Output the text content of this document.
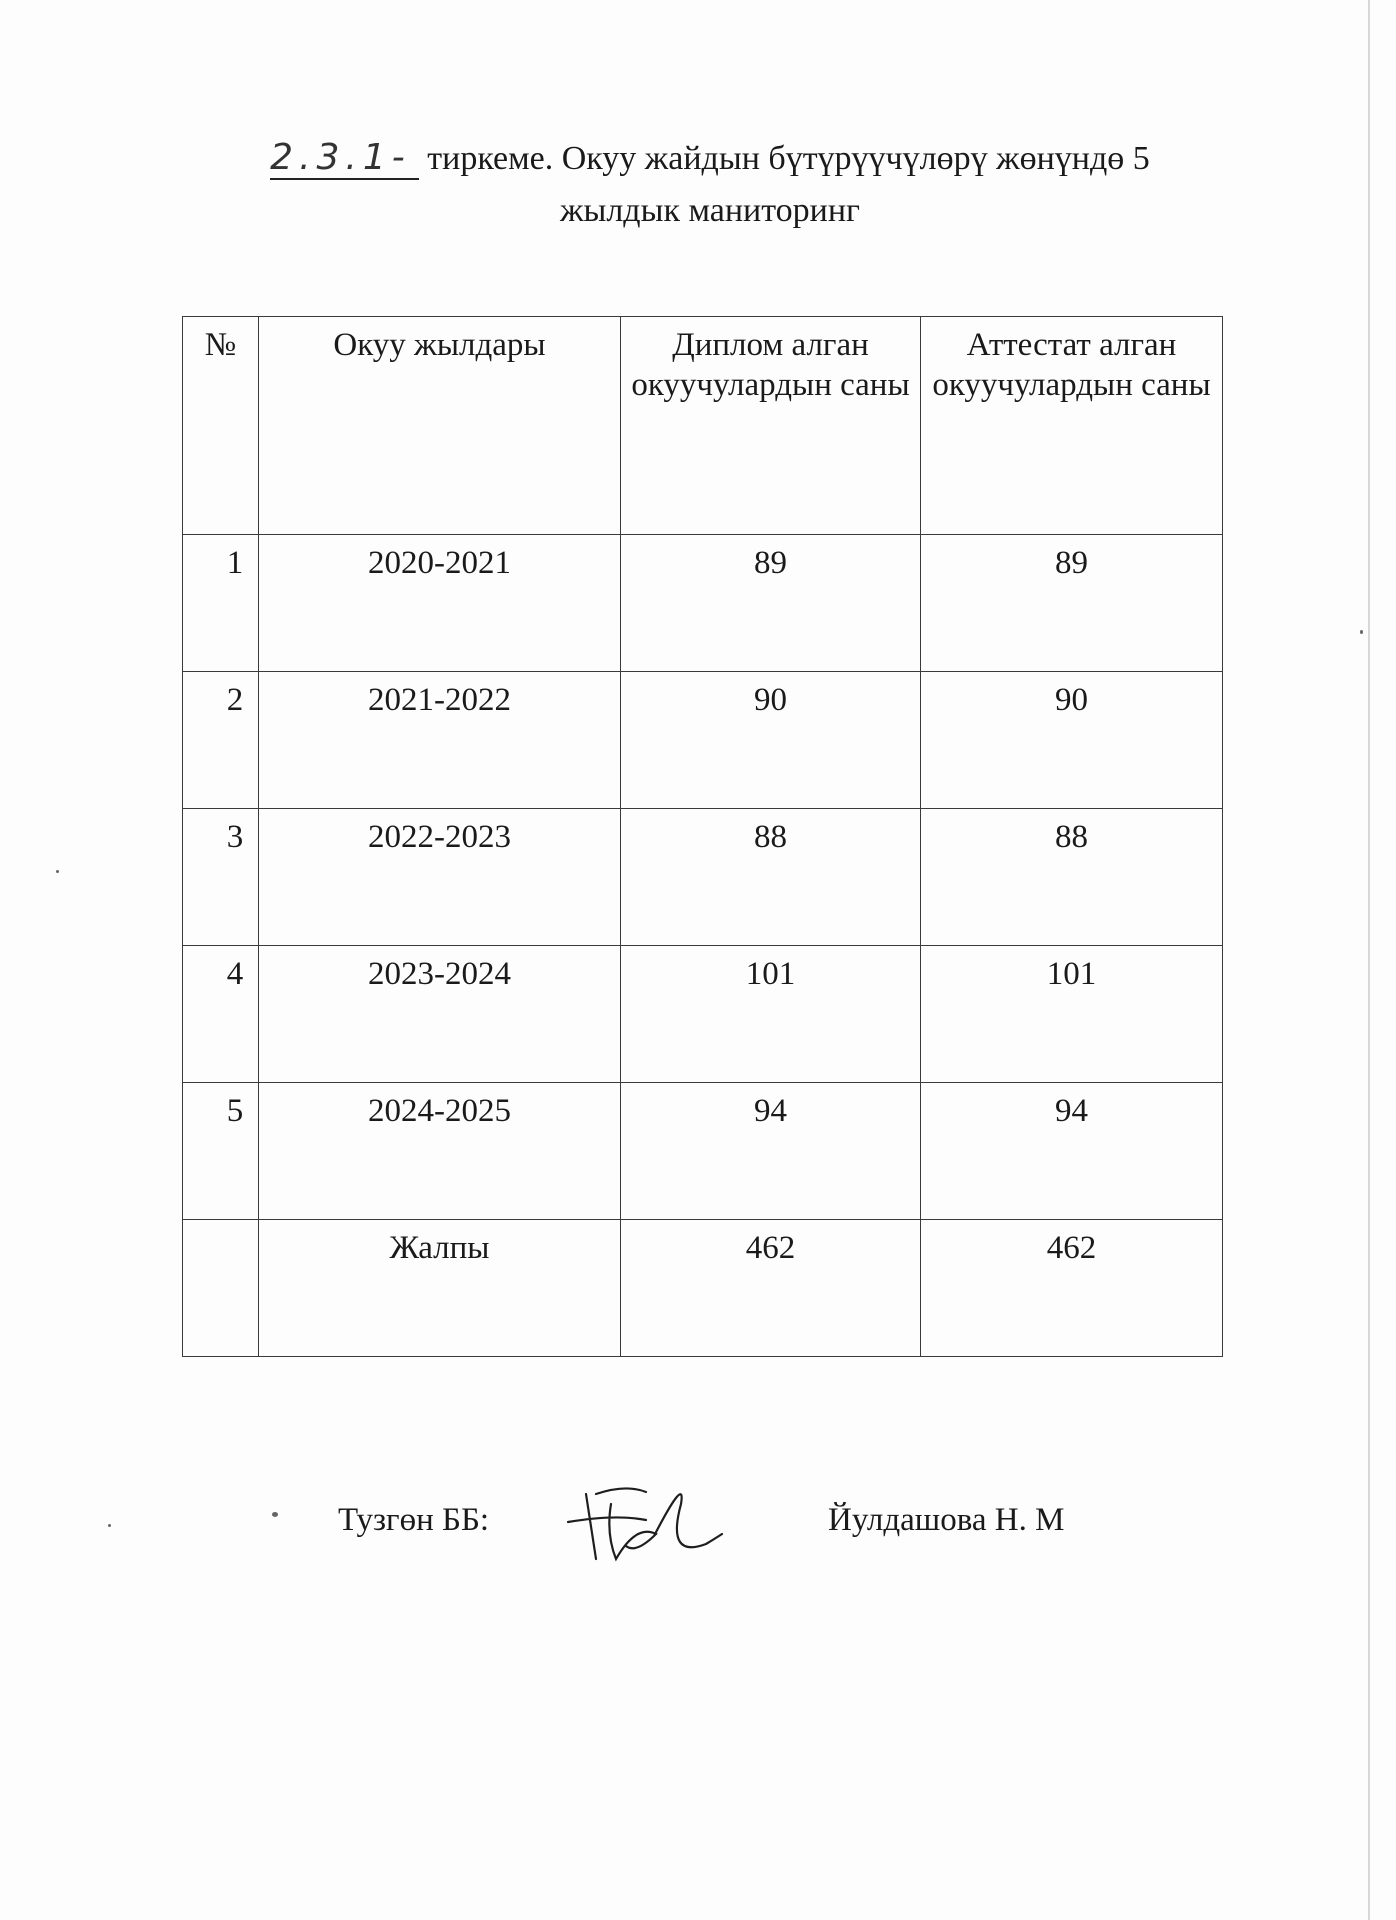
2.3.1- тиркеме. Окуу жайдын бүтүрүүчүлөрү жөнүндө 5
жылдык маниторинг
№	Окуу жылдары	Диплом алган окуучулардын саны	Аттестат алган окуучулардын саны
1	2020-2021	89	89
2	2021-2022	90	90
3	2022-2023	88	88
4	2023-2024	101	101
5	2024-2025	94	94
	Жалпы	462	462
Тузгөн ББ:	Йулдашова Н. М
